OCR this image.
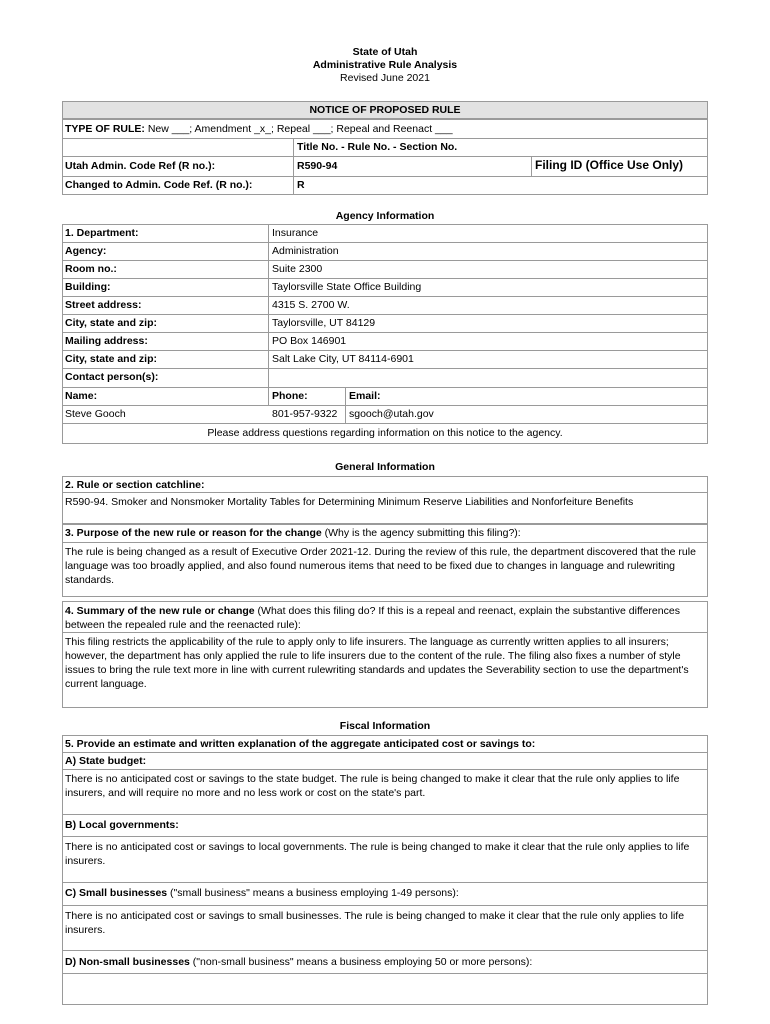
State of Utah
Administrative Rule Analysis
Revised June 2021
NOTICE OF PROPOSED RULE
TYPE OF RULE: New ___; Amendment _x_; Repeal ___; Repeal and Reenact ___
Title No. - Rule No. - Section No.
Utah Admin. Code Ref (R no.):	R590-94	Filing ID (Office Use Only)
Changed to Admin. Code Ref. (R no.):	R
Agency Information
1. Department:	Insurance
Agency:	Administration
Room no.:	Suite 2300
Building:	Taylorsville State Office Building
Street address:	4315 S. 2700 W.
City, state and zip:	Taylorsville, UT 84129
Mailing address:	PO Box 146901
City, state and zip:	Salt Lake City, UT 84114-6901
Contact person(s):
Name:	Phone:	Email:
Steve Gooch	801-957-9322 sgooch@utah.gov
Please address questions regarding information on this notice to the agency.
General Information
2. Rule or section catchline:
R590-94. Smoker and Nonsmoker Mortality Tables for Determining Minimum Reserve Liabilities and Nonforfeiture Benefits
3. Purpose of the new rule or reason for the change (Why is the agency submitting this filing?):
The rule is being changed as a result of Executive Order 2021-12. During the review of this rule, the department discovered that the rule language was too broadly applied, and also found numerous items that need to be fixed due to changes in language and rulewriting standards.
4. Summary of the new rule or change (What does this filing do? If this is a repeal and reenact, explain the substantive differences between the repealed rule and the reenacted rule):
This filing restricts the applicability of the rule to apply only to life insurers. The language as currently written applies to all insurers; however, the department has only applied the rule to life insurers due to the content of the rule. The filing also fixes a number of style issues to bring the rule text more in line with current rulewriting standards and updates the Severability section to use the department's current language.
Fiscal Information
5. Provide an estimate and written explanation of the aggregate anticipated cost or savings to:
A) State budget:
There is no anticipated cost or savings to the state budget. The rule is being changed to make it clear that the rule only applies to life insurers, and will require no more and no less work or cost on the state's part.
B) Local governments:
There is no anticipated cost or savings to local governments. The rule is being changed to make it clear that the rule only applies to life insurers.
C) Small businesses ("small business" means a business employing 1-49 persons):
There is no anticipated cost or savings to small businesses. The rule is being changed to make it clear that the rule only applies to life insurers.
D) Non-small businesses ("non-small business" means a business employing 50 or more persons):
